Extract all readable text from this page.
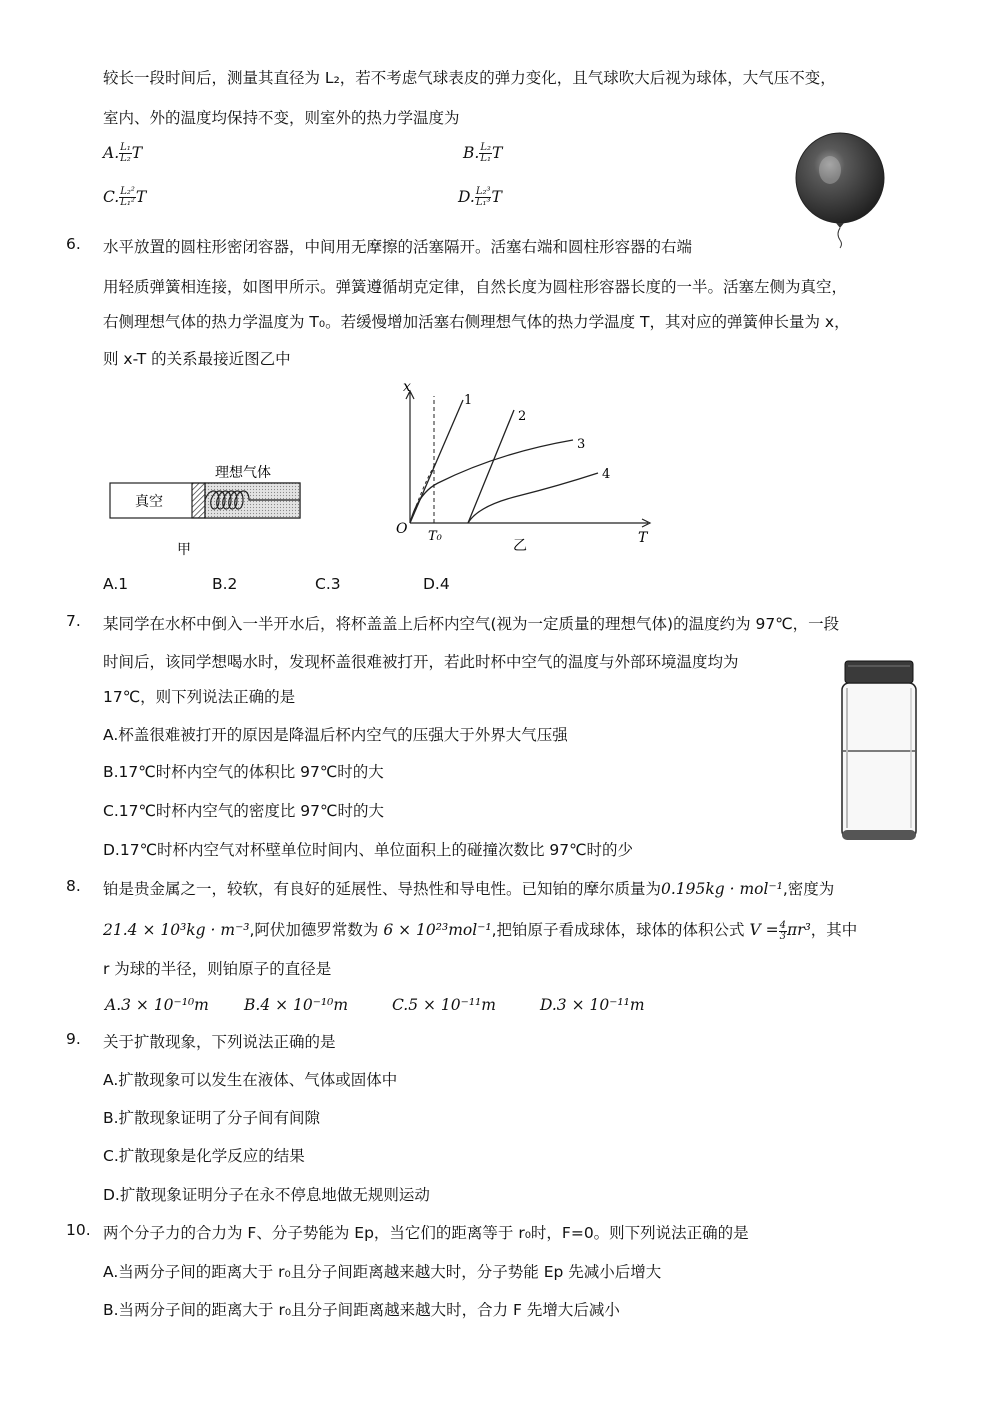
较长一段时间后，测量其直径为 L₂，若不考虑气球表皮的弹力变化，且气球吹大后视为球体，大气压不变，
室内、外的温度均保持不变，则室外的热力学温度为
A. $\frac{\text{L₁}}{\text{L₂}}$ T	B. $\frac{\text{L₂}}{\text{L₁}}$ T
C. $\frac{\text{L₂²}}{\text{L₁²}}$ T	D. $\frac{\text{L₂³}}{\text{L₁³}}$ T
6. 水平放置的圆柱形密闭容器，中间用无摩擦的活塞隔开。活塞右端和圆柱形容器的右端
用轻质弹簧相连接，如图甲所示。弹簧遵循胡克定律，自然长度为圆柱形容器长度的一半。活塞左侧为真空，
右侧理想气体的热力学温度为 T₀。若缓慢增加活塞右侧理想气体的热力学温度 T，其对应的弹簧伸长量为 x，
则 x-T 的关系最接近图乙中
理想气体
真空
甲
x
T
O T₀
乙
1
2
3
4
A.1	B.2	C.3	D.4
7. 某同学在水杯中倒入一半开水后，将杯盖盖上后杯内空气(视为一定质量的理想气体)的温度约为 97℃，一段
时间后，该同学想喝水时，发现杯盖很难被打开，若此时杯中空气的温度与外部环境温度均为
17℃，则下列说法正确的是
A.杯盖很难被打开的原因是降温后杯内空气的压强大于外界大气压强
B.17℃时杯内空气的体积比 97℃时的大
C.17℃时杯内空气的密度比 97℃时的大
D.17℃时杯内空气对杯壁单位时间内、单位面积上的碰撞次数比 97℃时的少
8. 铂是贵金属之一，较软，有良好的延展性、导热性和导电性。已知铂的摩尔质量为0.195kg · mol⁻¹,密度为
21.4 × 10³kg · m⁻³,阿伏加德罗常数为 6 × 10²³mol⁻¹,把铂原子看成球体，球体的体积公式 $V = \frac{4}{3} \pi r^3$，其中
r 为球的半径，则铂原子的直径是
A.3 × 10⁻¹⁰m B.4 × 10⁻¹⁰m	C.5 × 10⁻¹¹m	D.3 × 10⁻¹¹m
9. 关于扩散现象，下列说法正确的是
A.扩散现象可以发生在液体、气体或固体中
B.扩散现象证明了分子间有间隙
C.扩散现象是化学反应的结果
D.扩散现象证明分子在永不停息地做无规则运动
10. 两个分子力的合力为 F、分子势能为 Ep，当它们的距离等于 r₀时，F=0。则下列说法正确的是
A.当两分子间的距离大于 r₀且分子间距离越来越大时，分子势能 Ep 先减小后增大
B.当两分子间的距离大于 r₀且分子间距离越来越大时，合力 F 先增大后减小
